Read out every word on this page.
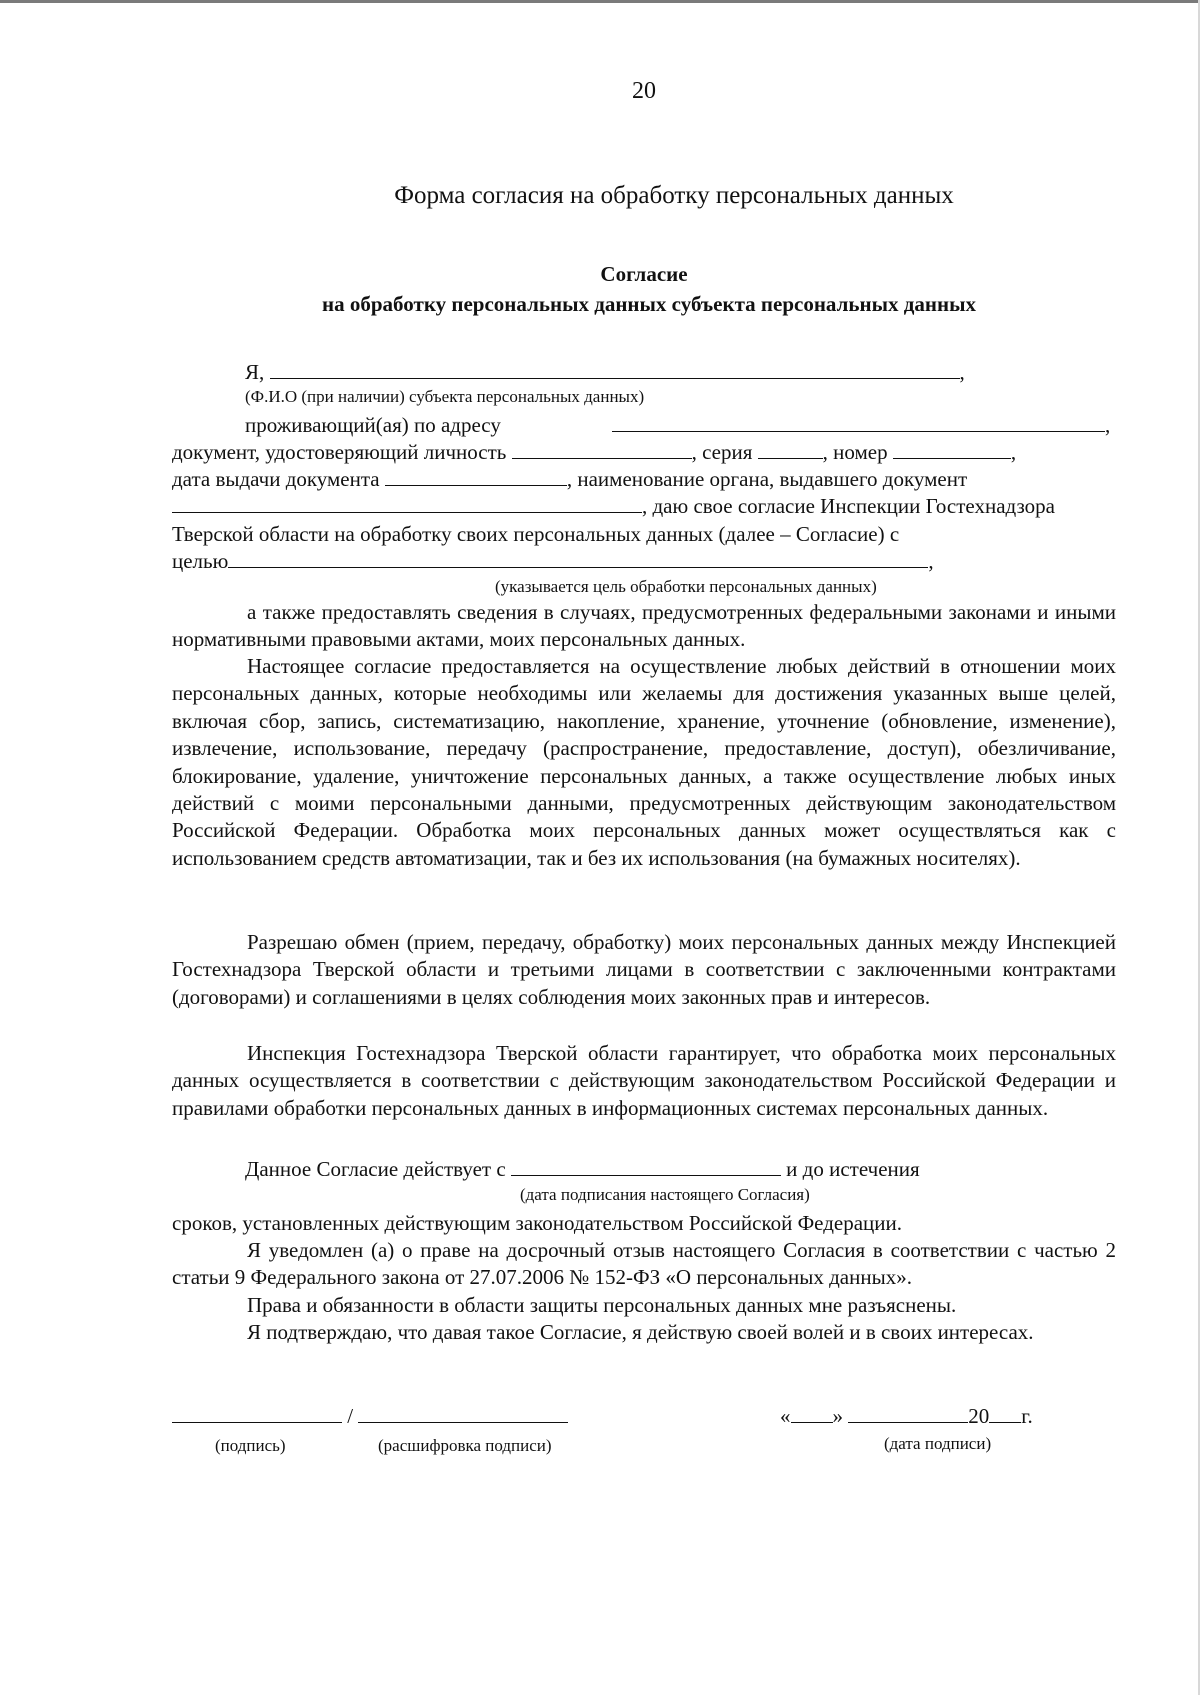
20
Форма согласия на обработку персональных данных
Согласие
на обработку персональных данных субъекта персональных данных
Я,	,
(Ф.И.О (при наличии) субъекта персональных данных)
проживающий(ая) по адресу	,
документ, удостоверяющий личность	, серия	, номер	,
дата выдачи документа	, наименование органа, выдавшего документ
, даю свое согласие Инспекции Гостехнадзора
Тверской области на обработку своих персональных данных (далее – Согласие) с
целью	,
(указывается цель обработки персональных данных)
а также предоставлять сведения в случаях, предусмотренных федеральными законами и иными нормативными правовыми актами, моих персональных данных.
Настоящее согласие предоставляется на осуществление любых действий в отношении моих персональных данных, которые необходимы или желаемы для достижения указанных выше целей, включая сбор, запись, систематизацию, накопление, хранение, уточнение (обновление, изменение), извлечение, использование, передачу (распространение, предоставление, доступ), обезличивание, блокирование, удаление, уничтожение персональных данных, а также осуществление любых иных действий с моими персональными данными, предусмотренных действующим законодательством Российской Федерации. Обработка моих персональных данных может осуществляться как с использованием средств автоматизации, так и без их использования (на бумажных носителях).
Разрешаю обмен (прием, передачу, обработку) моих персональных данных между Инспекцией Гостехнадзора Тверской области и третьими лицами в соответствии с заключенными контрактами (договорами) и соглашениями в целях соблюдения моих законных прав и интересов.
Инспекция Гостехнадзора Тверской области гарантирует, что обработка моих персональных данных осуществляется в соответствии с действующим законодательством Российской Федерации и правилами обработки персональных данных в информационных системах персональных данных.
Данное Согласие действует с	и до истечения
(дата подписания настоящего Согласия)
сроков, установленных действующим законодательством Российской Федерации.
Я уведомлен (а) о праве на досрочный отзыв настоящего Согласия в соответствии с частью 2 статьи 9 Федерального закона от 27.07.2006 № 152-ФЗ «О персональных данных».
Права и обязанности в области защиты персональных данных мне разъяснены.
Я подтверждаю, что давая такое Согласие, я действую своей волей и в своих интересах.
/
(подпись)	(расшифровка подписи)
« »	20 г.
(дата подписи)
